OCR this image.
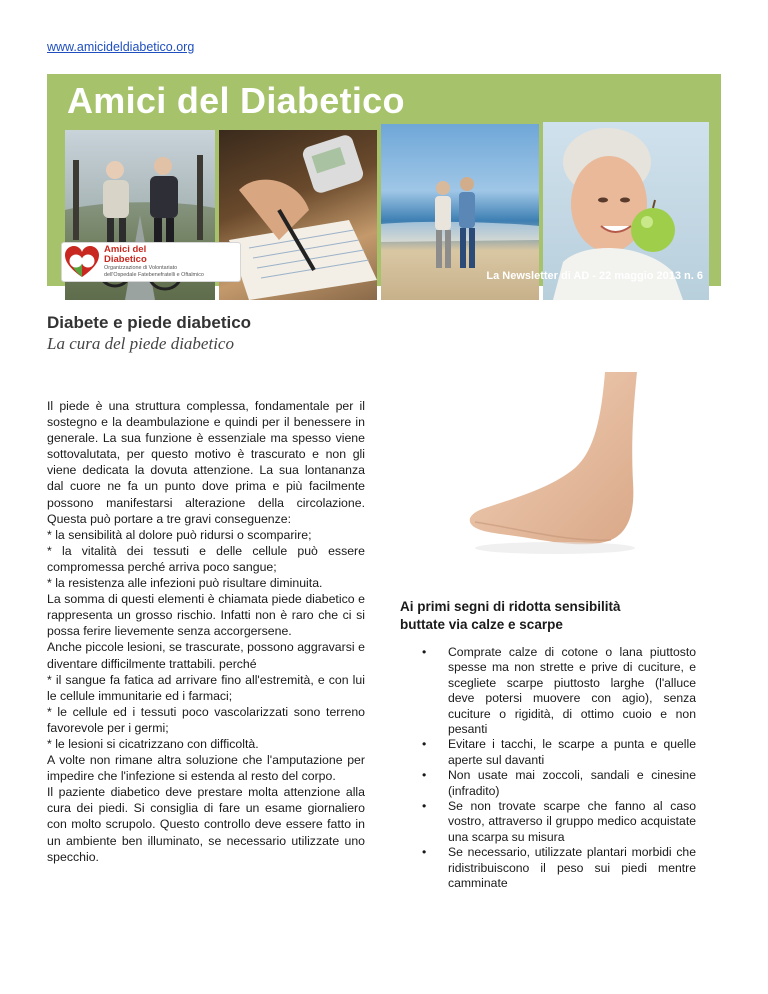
www.amicideldiabetico.org
Amici del Diabetico
Amici del
Diabetico
Organizzazione di Volontariato
dell'Ospedale Fatebenefratelli e Oftalmico	La Newsletter di AD - 22 maggio 2013 n. 6
Diabete e piede diabetico
La cura del piede diabetico

Il piede è una struttura complessa, fondamentale per il sostegno e la deambulazione e quindi per il benessere in generale. La sua funzione è essenziale ma spesso viene sottovalutata, per questo motivo è trascurato e non gli viene dedicata la dovuta attenzione. La sua lontananza dal cuore ne fa un punto dove prima e più facilmente possono manifestarsi alterazione della circolazione. Questa può portare a tre gravi conseguenze:

* la sensibilità al dolore può ridursi o scomparire;

* la vitalità dei tessuti e delle cellule può essere compromessa perché arriva poco sangue;

* la resistenza alle infezioni può risultare diminuita.

La somma di questi elementi è chiamata piede diabetico e rappresenta un grosso rischio. Infatti non è raro che ci si possa ferire lievemente senza accorgersene.

Anche piccole lesioni, se trascurate, possono aggravarsi e diventare difficilmente trattabili. perché

* il sangue fa fatica ad arrivare fino all'estremità, e con lui le cellule immunitarie ed i farmaci;

* le cellule ed i tessuti poco vascolarizzati sono terreno favorevole per i germi;

* le lesioni si cicatrizzano con difficoltà.

A volte non rimane altra soluzione che l'amputazione per impedire che l'infezione si estenda al resto del corpo.

Il paziente diabetico deve prestare molta attenzione alla cura dei piedi. Si consiglia di fare un esame giornaliero con molto scrupolo. Questo controllo deve essere fatto in un ambiente ben illuminato, se necessario utilizzate uno specchio.

Ai primi segni di ridotta sensibilità buttate via calze e scarpe
• Comprate calze di cotone o lana piuttosto spesse ma non strette e prive di cuciture, e scegliete scarpe piuttosto larghe (l'alluce deve potersi muovere con agio), senza cuciture o rigidità, di ottimo cuoio e non pesanti
• Evitare i tacchi, le scarpe a punta e quelle aperte sul davanti
• Non usate mai zoccoli, sandali e cinesine (infradito)
• Se non trovate scarpe che fanno al caso vostro, attraverso il gruppo medico acquistate una scarpa su misura
• Se necessario, utilizzate plantari morbidi che ridistribuiscono il peso sui piedi mentre camminate
